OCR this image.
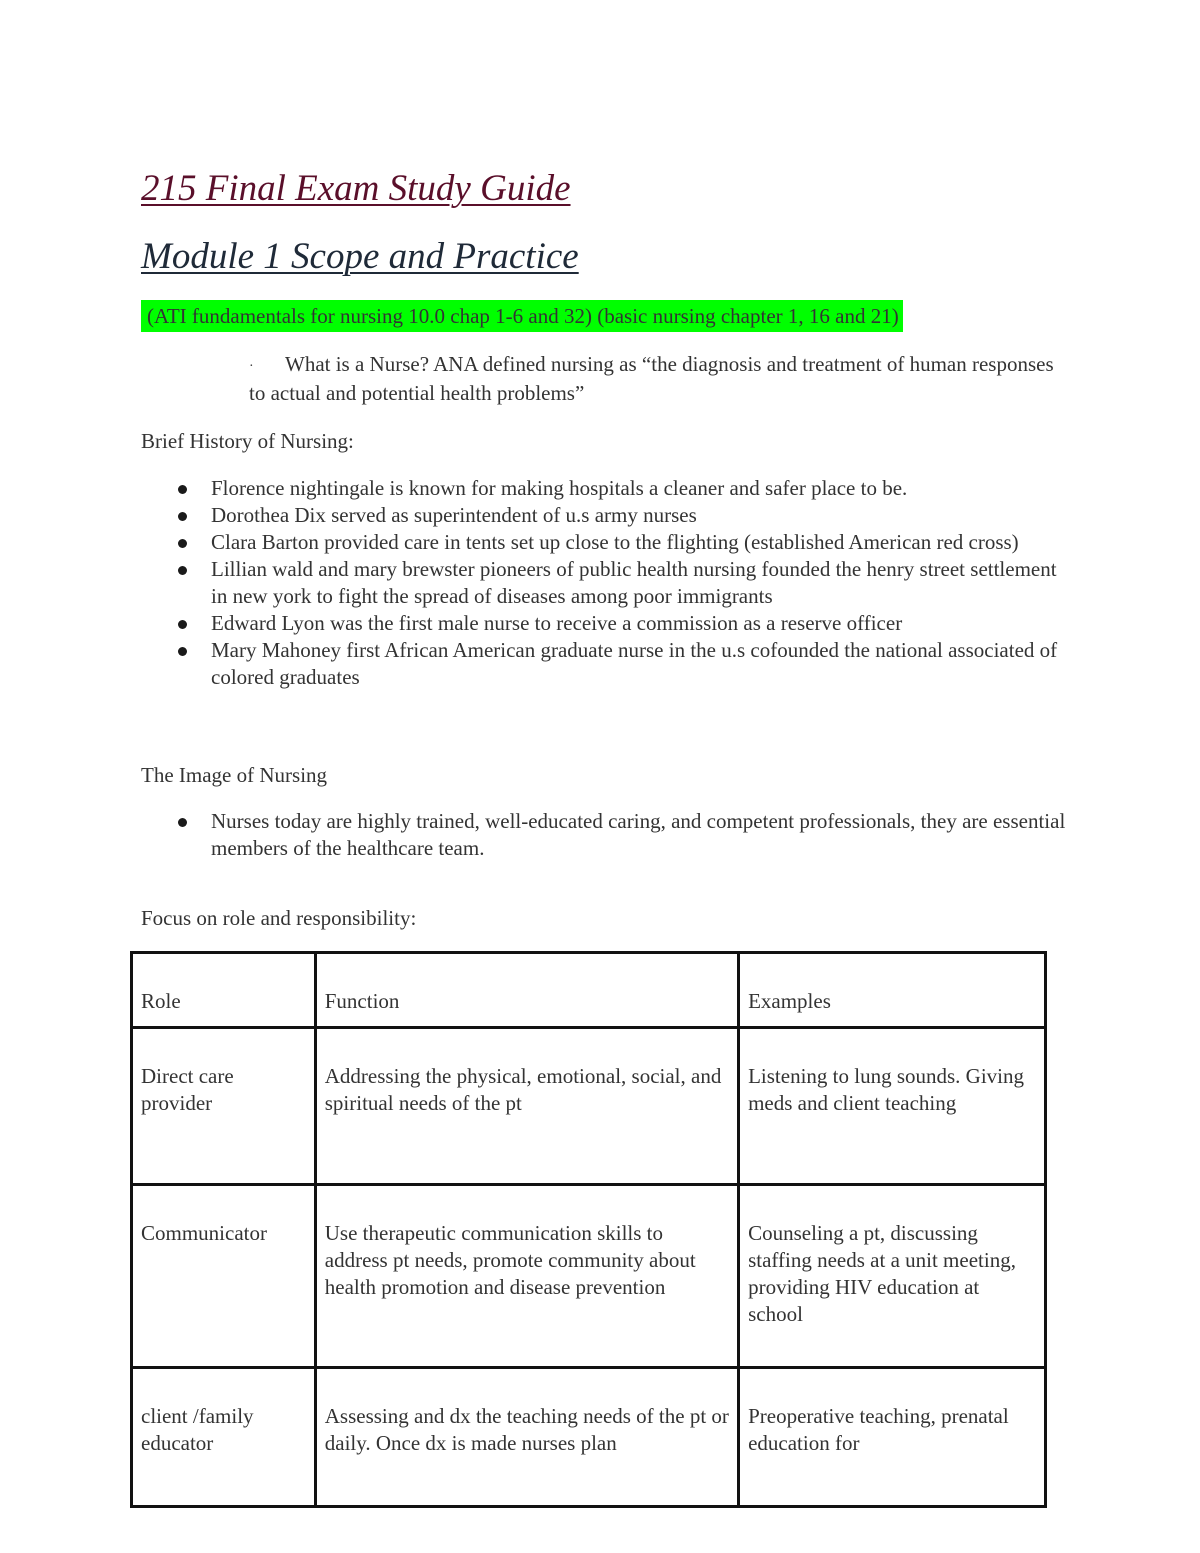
215 Final Exam Study Guide
Module 1 Scope and Practice
(ATI fundamentals for nursing 10.0 chap 1-6 and 32) (basic nursing chapter 1, 16 and 21)
· What is a Nurse? ANA defined nursing as “the diagnosis and treatment of human responses to actual and potential health problems”
Brief History of Nursing:
Florence nightingale is known for making hospitals a cleaner and safer place to be.
Dorothea Dix served as superintendent of u.s army nurses
Clara Barton provided care in tents set up close to the flighting (established American red cross)
Lillian wald and mary brewster pioneers of public health nursing founded the henry street settlement in new york to fight the spread of diseases among poor immigrants
Edward Lyon was the first male nurse to receive a commission as a reserve officer
Mary Mahoney first African American graduate nurse in the u.s cofounded the national associated of colored graduates
The Image of Nursing
Nurses today are highly trained, well-educated caring, and competent professionals, they are essential members of the healthcare team.
Focus on role and responsibility:
Role	Function	Examples
Direct care provider	Addressing the physical, emotional, social, and spiritual needs of the pt	Listening to lung sounds. Giving meds and client teaching
Communicator	Use therapeutic communication skills to address pt needs, promote community about health promotion and disease prevention	Counseling a pt, discussing staffing needs at a unit meeting, providing HIV education at school
client /family educator	Assessing and dx the teaching needs of the pt or daily. Once dx is made nurses plan	Preoperative teaching, prenatal education for
